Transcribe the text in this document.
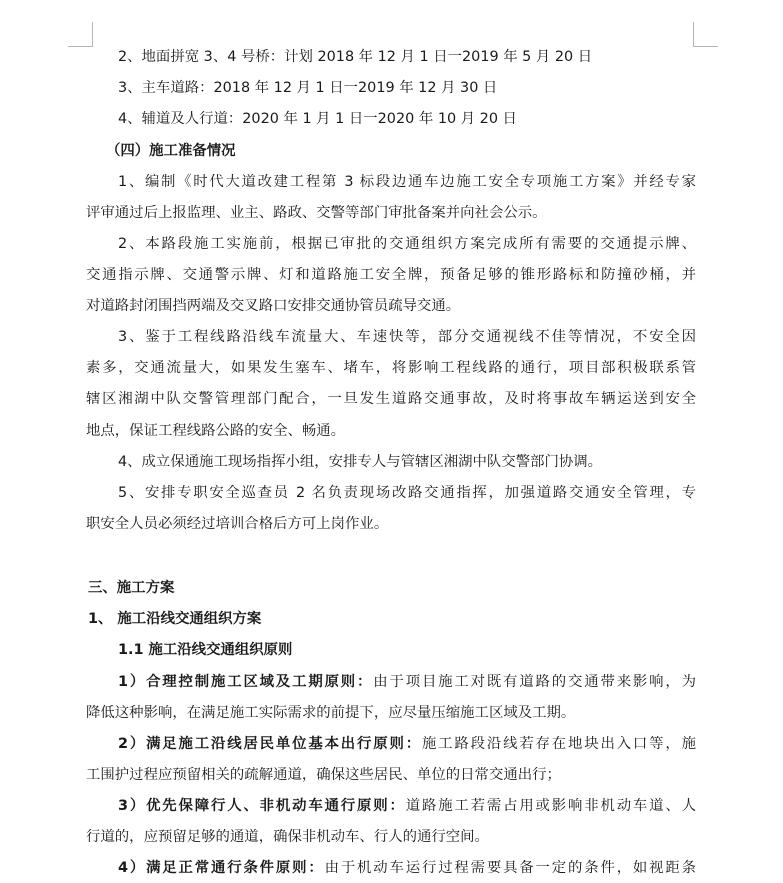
2、地面拼宽 3、4 号桥：计划 2018 年 12 月 1 日一2019 年 5 月 20 日
3、主车道路：2018 年 12 月 1 日一2019 年 12 月 30 日
4、辅道及人行道：2020 年 1 月 1 日一2020 年 10 月 20 日
（四）施工准备情况
1、编制《时代大道改建工程第 3 标段边通车边施工安全专项施工方案》并经专家
评审通过后上报监理、业主、路政、交警等部门审批备案并向社会公示。
2、本路段施工实施前，根据已审批的交通组织方案完成所有需要的交通提示牌、
交通指示牌、交通警示牌、灯和道路施工安全牌，预备足够的锥形路标和防撞砂桶，并
对道路封闭围挡两端及交叉路口安排交通协管员疏导交通。
3、鉴于工程线路沿线车流量大、车速快等，部分交通视线不佳等情况，不安全因
素多，交通流量大，如果发生塞车、堵车，将影响工程线路的通行，项目部积极联系管
辖区湘湖中队交警管理部门配合，一旦发生道路交通事故，及时将事故车辆运送到安全
地点，保证工程线路公路的安全、畅通。
4、成立保通施工现场指挥小组，安排专人与管辖区湘湖中队交警部门协调。
5、安排专职安全巡查员 2 名负责现场改路交通指挥，加强道路交通安全管理，专
职安全人员必须经过培训合格后方可上岗作业。
三、施工方案
1、 施工沿线交通组织方案
1.1 施工沿线交通组织原则
1）合理控制施工区域及工期原则：由于项目施工对既有道路的交通带来影响，为
降低这种影响，在满足施工实际需求的前提下，应尽量压缩施工区域及工期。
2）满足施工沿线居民单位基本出行原则：施工路段沿线若存在地块出入口等，施
工围护过程应预留相关的疏解通道，确保这些居民、单位的日常交通出行；
3）优先保障行人、非机动车通行原则：道路施工若需占用或影响非机动车道、人
行道的，应预留足够的通道，确保非机动车、行人的通行空间。
4）满足正常通行条件原则：由于机动车运行过程需要具备一定的条件，如视距条
